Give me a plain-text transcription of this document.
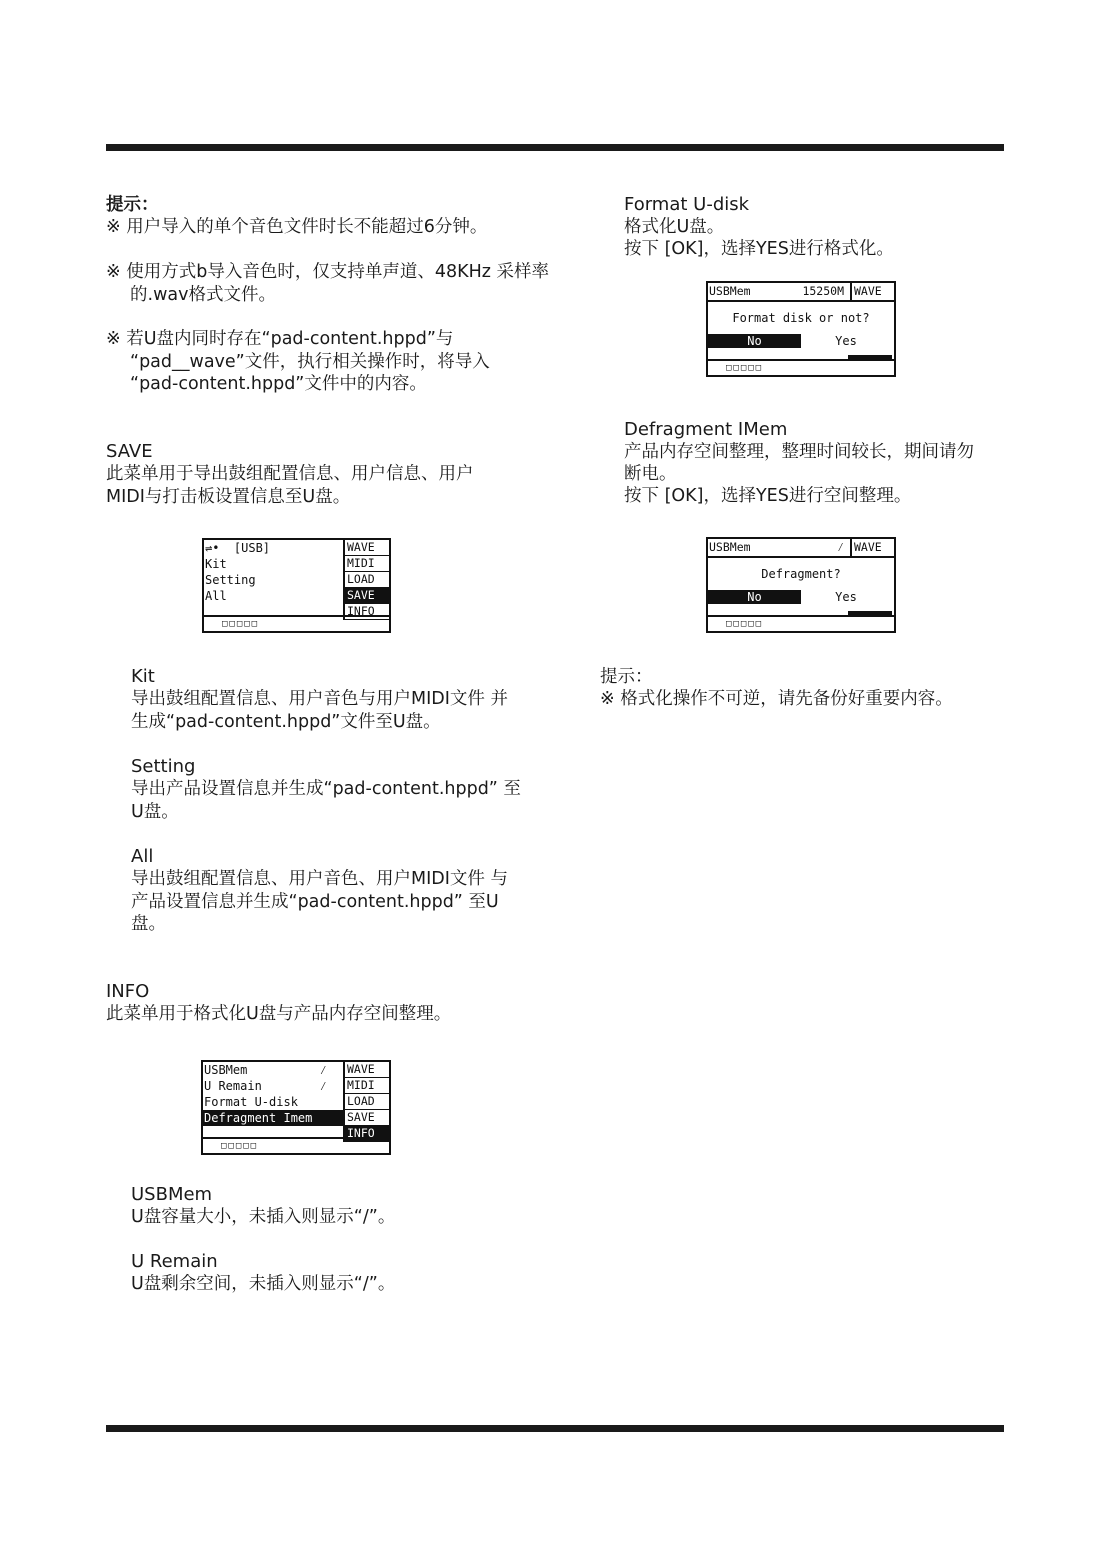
提示：
※ 用户导入的单个音色文件时长不能超过6分钟。
※ 使用方式b导入音色时，仅支持单声道、48KHz 采样率的.wav格式文件。
※ 若U盘内同时存在“pad-content.hppd”与 “pad__wave”文件，执行相关操作时，将导入 “pad-content.hppd”文件中的内容。
SAVE
此菜单用于导出鼓组配置信息、用户信息、用户 MIDI与打击板设置信息至U盘。
⇌•  [USB]
Kit
Setting
All
WAVE
MIDI
LOAD
SAVE
INFO
□□□□□
Kit
导出鼓组配置信息、用户音色与用户MIDI文件 并生成“pad-content.hppd”文件至U盘。
Setting
导出产品设置信息并生成“pad-content.hppd” 至U盘。
All
导出鼓组配置信息、用户音色、用户MIDI文件 与产品设置信息并生成“pad-content.hppd” 至U盘。
INFO
此菜单用于格式化U盘与产品内存空间整理。
USBMem          ⁄
U Remain        ⁄
Format U-disk
Defragment Imem
WAVE
MIDI
LOAD
SAVE
INFO
□□□□□
USBMem
U盘容量大小，未插入则显示“/”。
U Remain
U盘剩余空间，未插入则显示“/”。
Format U-disk
格式化U盘。
按下 [OK]，选择YES进行格式化。
USBMem	15250M WAVE
Format disk or not?
No	Yes
□□□□□
Defragment IMem
产品内存空间整理，整理时间较长，期间请勿
断电。
按下 [OK]，选择YES进行空间整理。
USBMem	⁄ WAVE
Defragment?
No	Yes
□□□□□
提示：
※ 格式化操作不可逆，请先备份好重要内容。
